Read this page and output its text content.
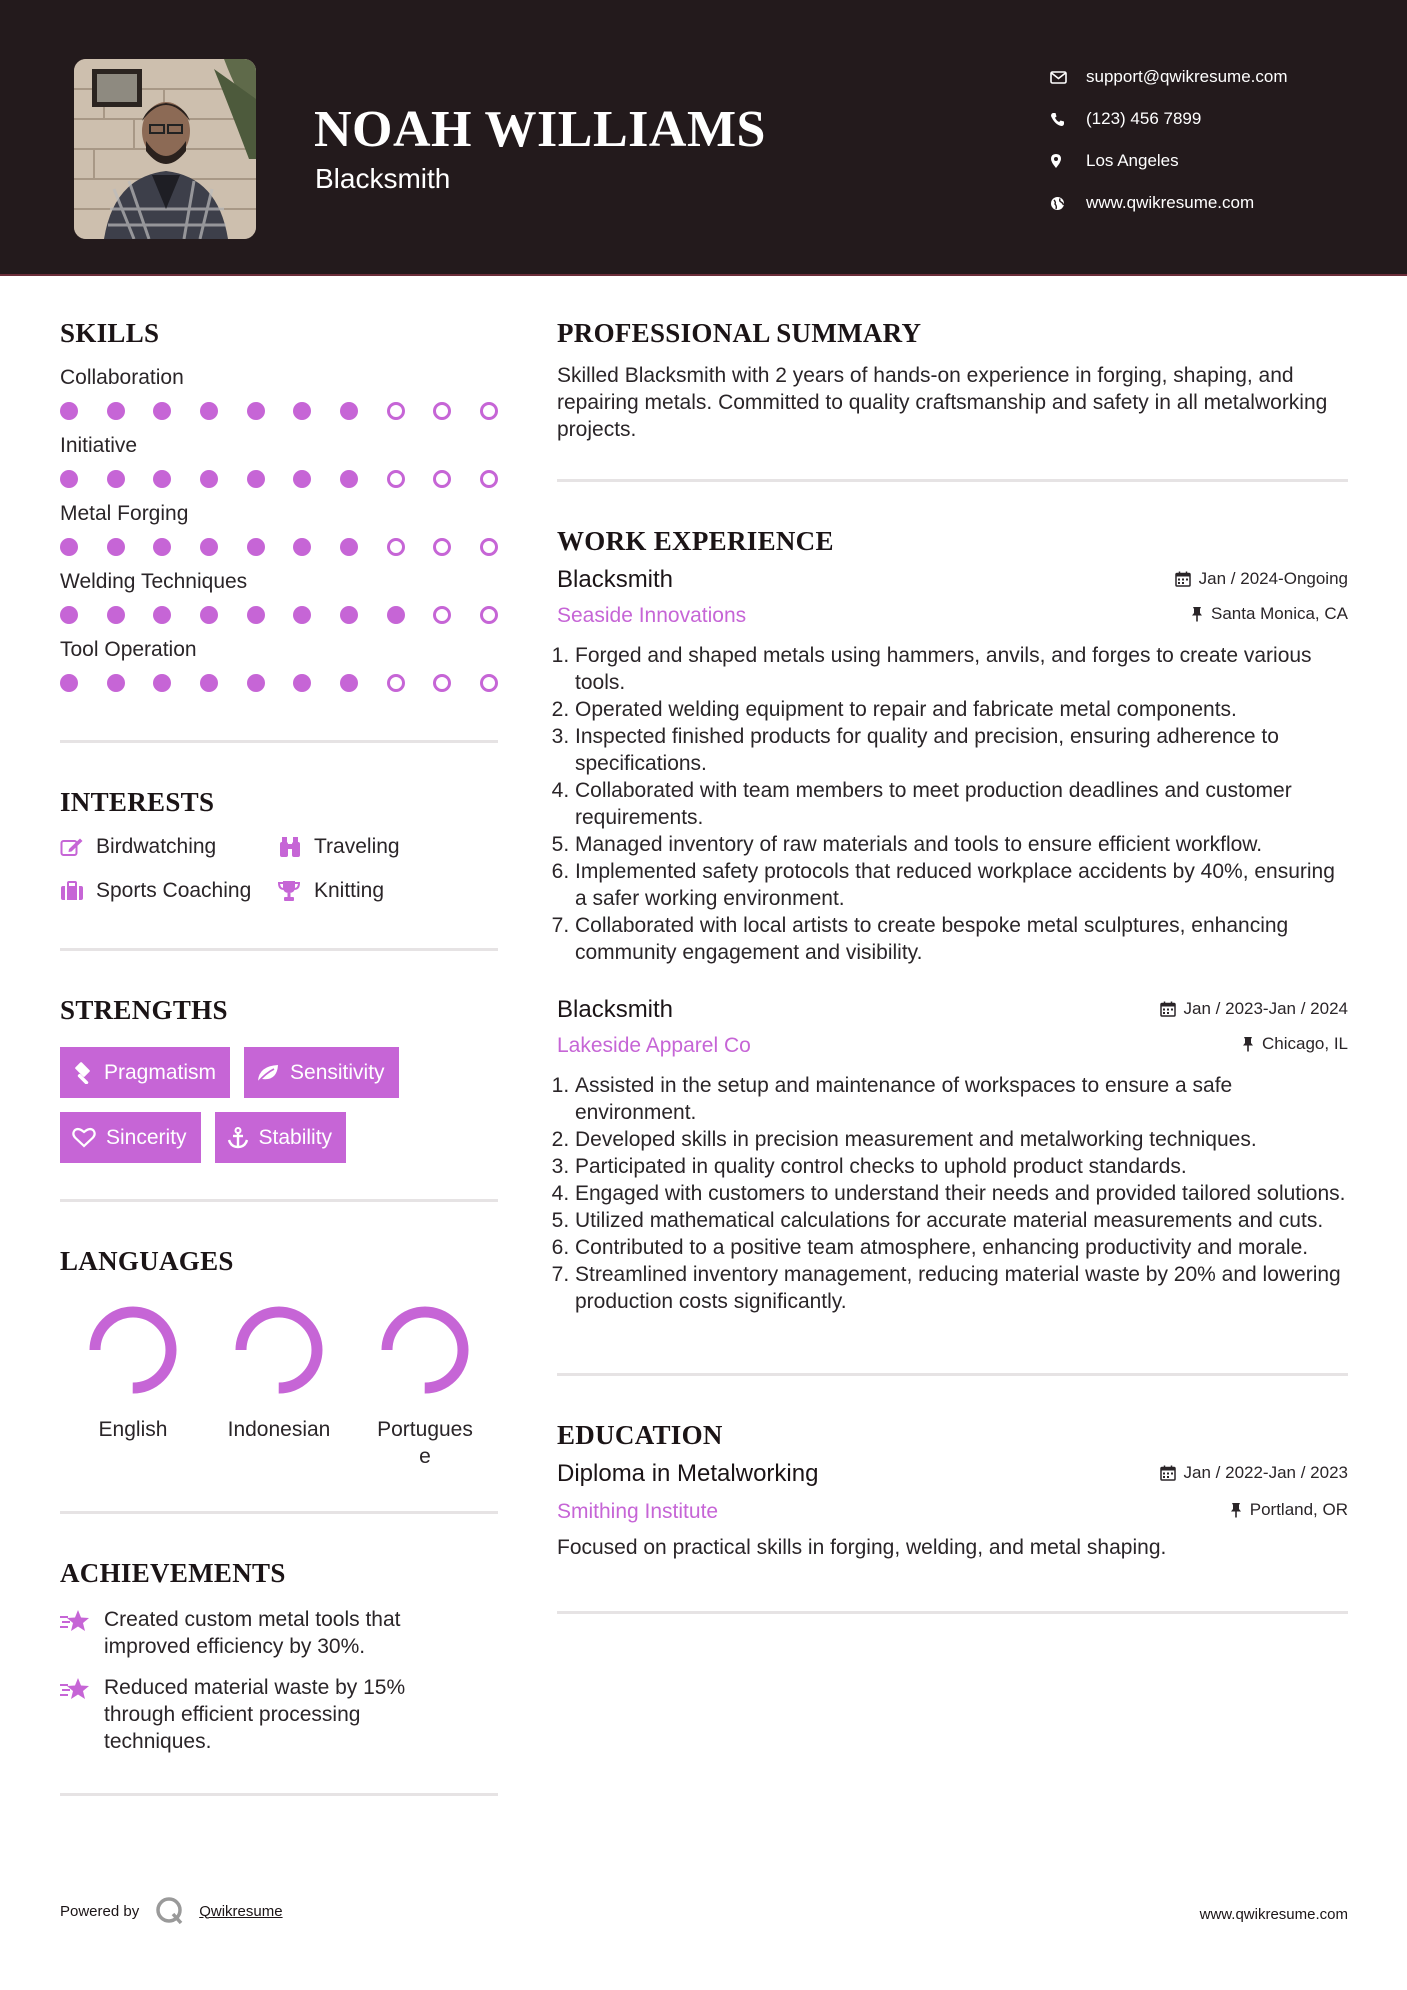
NOAH WILLIAMS
Blacksmith
support@qwikresume.com
(123) 456 7899
Los Angeles
www.qwikresume.com
SKILLS
Collaboration
Initiative
Metal Forging
Welding Techniques
Tool Operation
INTERESTS
Birdwatching	Traveling
Sports Coaching	Knitting
STRENGTHS
Pragmatism	Sensitivity
Sincerity	Stability
LANGUAGES
English	Indonesian	Portugues
e
ACHIEVEMENTS
Created custom metal tools that improved efficiency by 30%.
Reduced material waste by 15% through efficient processing techniques.
PROFESSIONAL SUMMARY
Skilled Blacksmith with 2 years of hands-on experience in forging, shaping, and repairing metals. Committed to quality craftsmanship and safety in all metalworking projects.
WORK EXPERIENCE
Blacksmith	Jan / 2024-Ongoing
Seaside Innovations	Santa Monica, CA
1. Forged and shaped metals using hammers, anvils, and forges to create various tools.
2. Operated welding equipment to repair and fabricate metal components.
3. Inspected finished products for quality and precision, ensuring adherence to specifications.
4. Collaborated with team members to meet production deadlines and customer requirements.
5. Managed inventory of raw materials and tools to ensure efficient workflow.
6. Implemented safety protocols that reduced workplace accidents by 40%, ensuring a safer working environment.
7. Collaborated with local artists to create bespoke metal sculptures, enhancing community engagement and visibility.
Blacksmith	Jan / 2023-Jan / 2024
Lakeside Apparel Co	Chicago, IL
1. Assisted in the setup and maintenance of workspaces to ensure a safe environment.
2. Developed skills in precision measurement and metalworking techniques.
3. Participated in quality control checks to uphold product standards.
4. Engaged with customers to understand their needs and provided tailored solutions.
5. Utilized mathematical calculations for accurate material measurements and cuts.
6. Contributed to a positive team atmosphere, enhancing productivity and morale.
7. Streamlined inventory management, reducing material waste by 20% and lowering production costs significantly.
EDUCATION
Diploma in Metalworking	Jan / 2022-Jan / 2023
Smithing Institute	Portland, OR
Focused on practical skills in forging, welding, and metal shaping.
Powered by	Qwikresume	www.qwikresume.com
